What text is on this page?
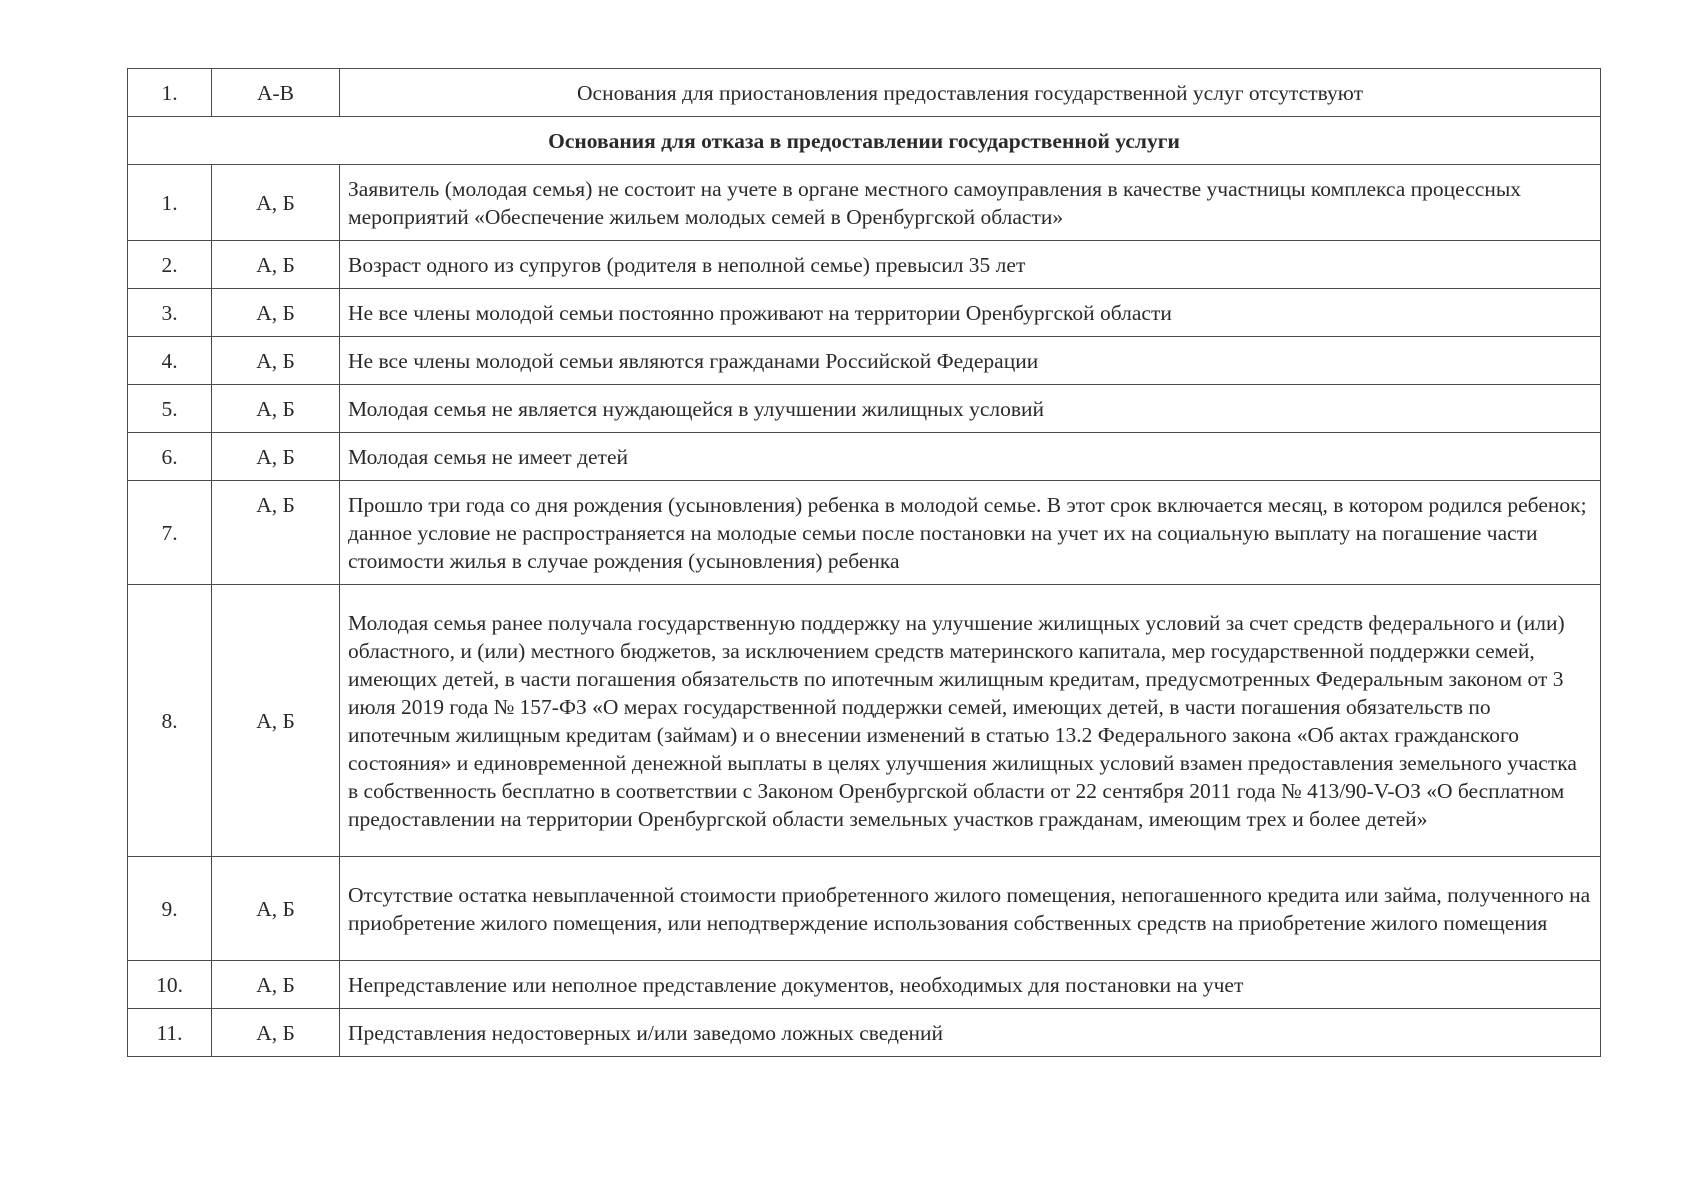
1.	А-В	Основания для приостановления предоставления государственной услуг отсутствуют
Основания для отказа в предоставлении государственной услуги		
1.	А, Б	Заявитель (молодая семья) не состоит на учете в органе местного самоуправления в качестве участницы комплекса процессных мероприятий «Обеспечение жильем молодых семей в Оренбургской области»
2.	А, Б	Возраст одного из супругов (родителя в неполной семье) превысил 35 лет
3.	А, Б	Не все члены молодой семьи постоянно проживают на территории Оренбургской области
4.	А, Б	Не все члены молодой семьи являются гражданами Российской Федерации
5.	А, Б	Молодая семья не является нуждающейся в улучшении жилищных условий
6.	А, Б	Молодая семья не имеет детей
7.	А, Б	Прошло три года со дня рождения (усыновления) ребенка в молодой семье. В этот срок включается месяц, в котором родился ребенок; данное условие не распространяется на молодые семьи после постановки на учет их на социальную выплату на погашение части стоимости жилья в случае рождения (усыновления) ребенка
8.	А, Б	Молодая семья ранее получала государственную поддержку на улучшение жилищных условий за счет средств федерального и (или) областного, и (или) местного бюджетов, за исключением средств материнского капитала, мер государственной поддержки семей, имеющих детей, в части погашения обязательств по ипотечным жилищным кредитам, предусмотренных Федеральным законом от 3 июля 2019 года № 157-ФЗ «О мерах государственной поддержки семей, имеющих детей, в части погашения обязательств по ипотечным жилищным кредитам (займам) и о внесении изменений в статью 13.2 Федерального закона «Об актах гражданского состояния» и единовременной денежной выплаты в целях улучшения жилищных условий взамен предоставления земельного участка в собственность бесплатно в соответствии с Законом Оренбургской области от 22 сентября 2011 года № 413/90-V-ОЗ «О бесплатном предоставлении на территории Оренбургской области земельных участков гражданам, имеющим трех и более детей»
9.	А, Б	Отсутствие остатка невыплаченной стоимости приобретенного жилого помещения, непогашенного кредита или займа, полученного на приобретение жилого помещения, или неподтверждение использования собственных средств на приобретение жилого помещения
10.	А, Б	Непредставление или неполное представление документов, необходимых для постановки на учет
11.	А, Б	Представления недостоверных и/или заведомо ложных сведений
